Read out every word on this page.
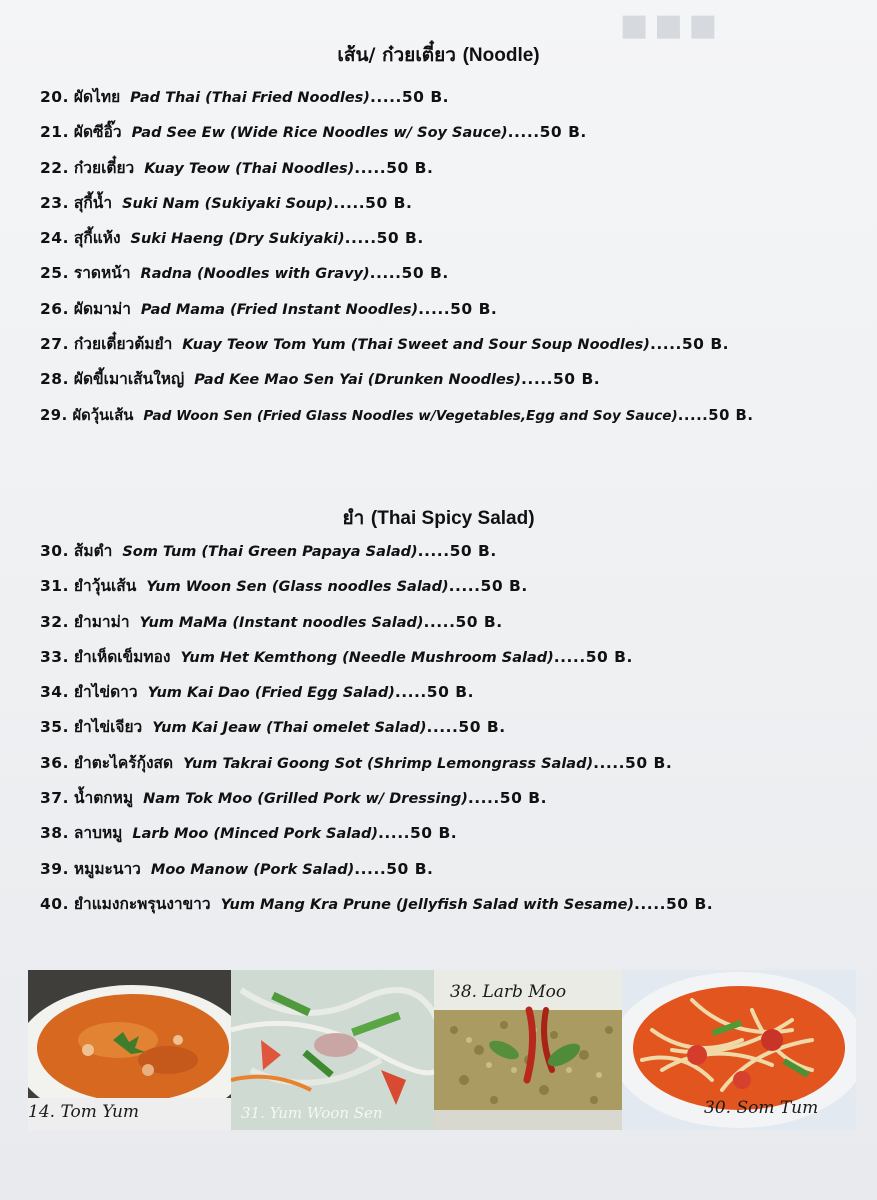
■■■
เส้น/ ก๋วยเตี๋ยว (Noodle)
20. ผัดไทย Pad Thai (Thai Fried Noodles).....50 B.
21. ผัดซีอิ๊ว Pad See Ew (Wide Rice Noodles w/ Soy Sauce).....50 B.
22. ก๋วยเตี๋ยว Kuay Teow (Thai Noodles).....50 B.
23. สุกี้น้ำ Suki Nam (Sukiyaki Soup).....50 B.
24. สุกี้แห้ง Suki Haeng (Dry Sukiyaki).....50 B.
25. ราดหน้า Radna (Noodles with Gravy).....50 B.
26. ผัดมาม่า Pad Mama (Fried Instant Noodles).....50 B.
27. ก๋วยเตี๋ยวต้มยำ Kuay Teow Tom Yum (Thai Sweet and Sour Soup Noodles).....50 B.
28. ผัดขี้เมาเส้นใหญ่ Pad Kee Mao Sen Yai (Drunken Noodles).....50 B.
29. ผัดวุ้นเส้น Pad Woon Sen (Fried Glass Noodles w/Vegetables,Egg and Soy Sauce).....50 B.
ยำ (Thai Spicy Salad)
30. ส้มตำ Som Tum (Thai Green Papaya Salad).....50 B.
31. ยำวุ้นเส้น Yum Woon Sen (Glass noodles Salad).....50 B.
32. ยำมาม่า Yum MaMa (Instant noodles Salad).....50 B.
33. ยำเห็ดเข็มทอง Yum Het Kemthong (Needle Mushroom Salad).....50 B.
34. ยำไข่ดาว Yum Kai Dao (Fried Egg Salad).....50 B.
35. ยำไข่เจียว Yum Kai Jeaw (Thai omelet Salad).....50 B.
36. ยำตะไคร้กุ้งสด Yum Takrai Goong Sot (Shrimp Lemongrass Salad).....50 B.
37. น้ำตกหมู Nam Tok Moo (Grilled Pork w/ Dressing).....50 B.
38. ลาบหมู Larb Moo (Minced Pork Salad).....50 B.
39. หมูมะนาว Moo Manow (Pork Salad).....50 B.
40. ยำแมงกะพรุนงาขาว Yum Mang Kra Prune (Jellyfish Salad with Sesame).....50 B.
14. Tom Yum	31. Yum Woon Sen
38. Larb Moo
30. Som Tum
